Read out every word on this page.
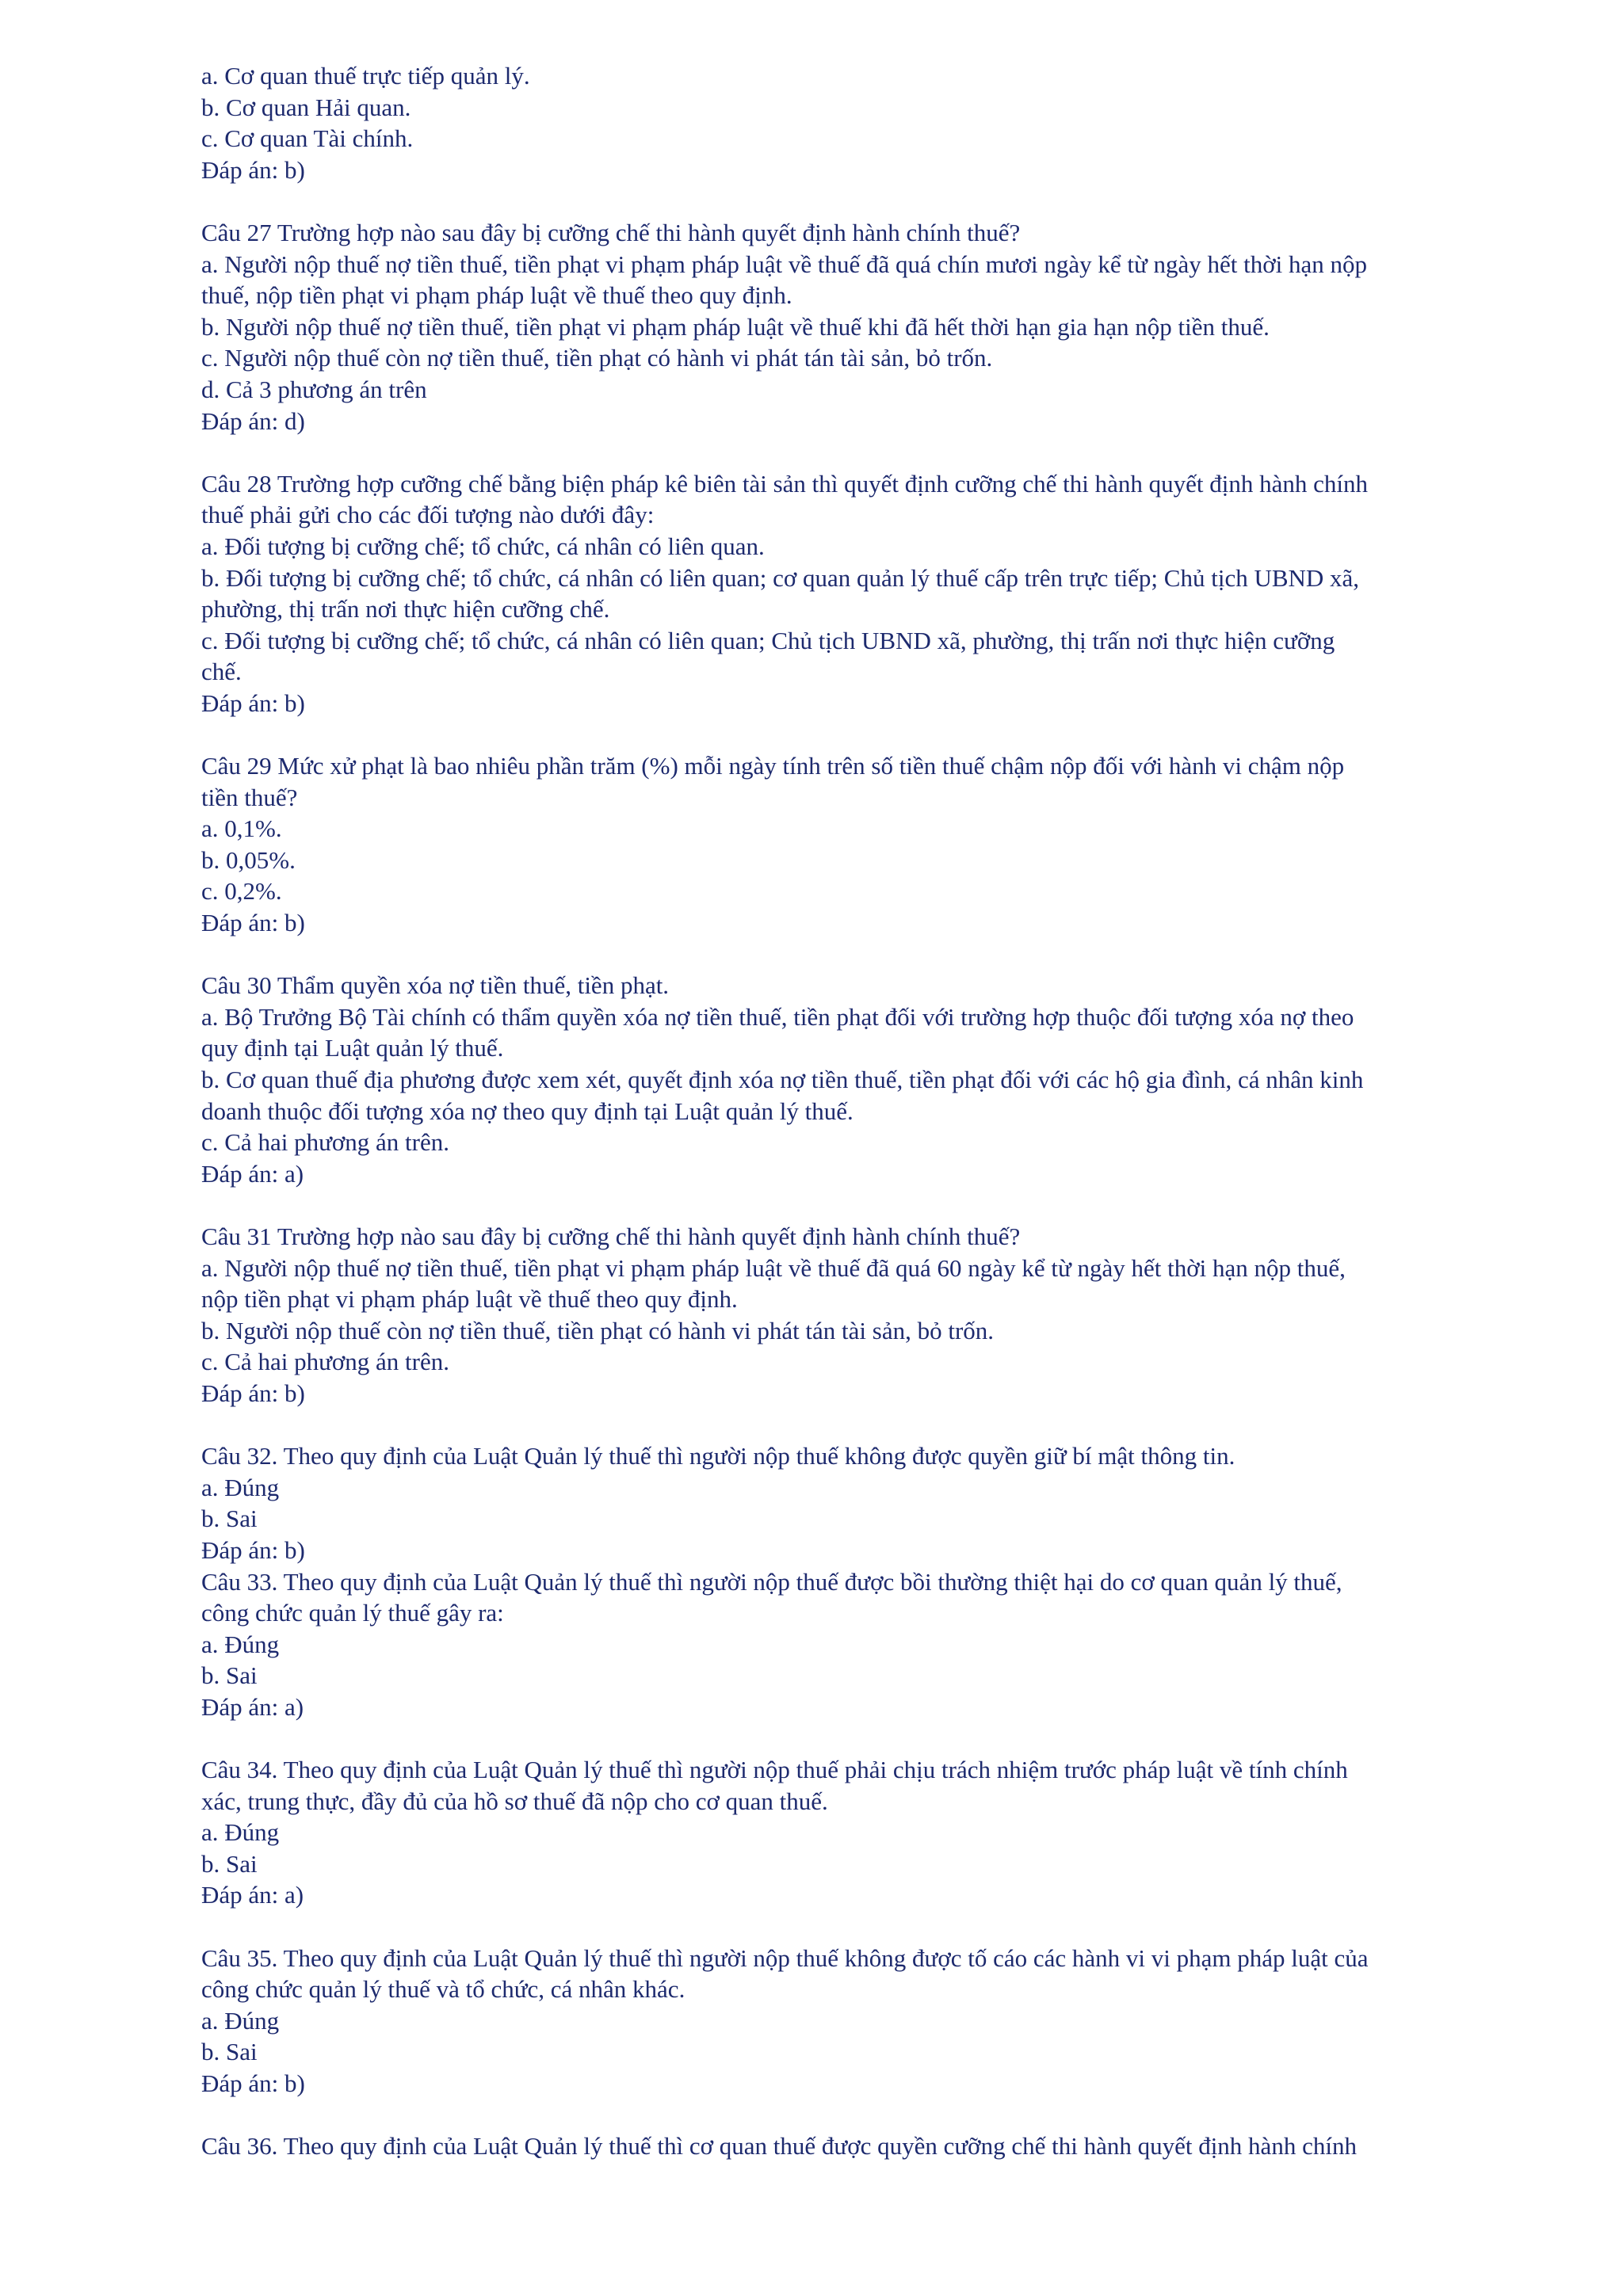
a. Cơ quan thuế trực tiếp quản lý.
b. Cơ quan Hải quan.
c. Cơ quan Tài chính.
Đáp án: b)
Câu 27 Trường hợp nào sau đây bị cưỡng chế thi hành quyết định hành chính thuế?
a. Người nộp thuế nợ tiền thuế, tiền phạt vi phạm pháp luật về thuế đã quá chín mươi ngày kể từ ngày hết thời hạn nộp
thuế, nộp tiền phạt vi phạm pháp luật về thuế theo quy định.
b. Người nộp thuế nợ tiền thuế, tiền phạt vi phạm pháp luật về thuế khi đã hết thời hạn gia hạn nộp tiền thuế.
c. Người nộp thuế còn nợ tiền thuế, tiền phạt có hành vi phát tán tài sản, bỏ trốn.
d. Cả 3 phương án trên
Đáp án: d)
Câu 28 Trường hợp cưỡng chế bằng biện pháp kê biên tài sản thì quyết định cưỡng chế thi hành quyết định hành chính
thuế phải gửi cho các đối tượng nào dưới đây:
a. Đối tượng bị cưỡng chế; tổ chức, cá nhân có liên quan.
b. Đối tượng bị cưỡng chế; tổ chức, cá nhân có liên quan; cơ quan quản lý thuế cấp trên trực tiếp; Chủ tịch UBND xã,
phường, thị trấn nơi thực hiện cưỡng chế.
c. Đối tượng bị cưỡng chế; tổ chức, cá nhân có liên quan; Chủ tịch UBND xã, phường, thị trấn nơi thực hiện cưỡng
chế.
Đáp án: b)
Câu 29 Mức xử phạt là bao nhiêu phần trăm (%) mỗi ngày tính trên số tiền thuế chậm nộp đối với hành vi chậm nộp
tiền thuế?
a. 0,1%.
b. 0,05%.
c. 0,2%.
Đáp án: b)
Câu 30 Thẩm quyền xóa nợ tiền thuế, tiền phạt.
a. Bộ Trưởng Bộ Tài chính có thẩm quyền xóa nợ tiền thuế, tiền phạt đối với trường hợp thuộc đối tượng xóa nợ theo
quy định tại Luật quản lý thuế.
b. Cơ quan thuế địa phương được xem xét, quyết định xóa nợ tiền thuế, tiền phạt đối với các hộ gia đình, cá nhân kinh
doanh thuộc đối tượng xóa nợ theo quy định tại Luật quản lý thuế.
c. Cả hai phương án trên.
Đáp án: a)
Câu 31 Trường hợp nào sau đây bị cưỡng chế thi hành quyết định hành chính thuế?
a. Người nộp thuế nợ tiền thuế, tiền phạt vi phạm pháp luật về thuế đã quá 60 ngày kể từ ngày hết thời hạn nộp thuế,
nộp tiền phạt vi phạm pháp luật về thuế theo quy định.
b. Người nộp thuế còn nợ tiền thuế, tiền phạt có hành vi phát tán tài sản, bỏ trốn.
c. Cả hai phương án trên.
Đáp án: b)
Câu 32. Theo quy định của Luật Quản lý thuế thì người nộp thuế không được quyền giữ bí mật thông tin.
a. Đúng
b. Sai
Đáp án: b)
Câu 33. Theo quy định của Luật Quản lý thuế thì người nộp thuế được bồi thường thiệt hại do cơ quan quản lý thuế,
công chức quản lý thuế gây ra:
a. Đúng
b. Sai
Đáp án: a)
Câu 34. Theo quy định của Luật Quản lý thuế thì người nộp thuế phải chịu trách nhiệm trước pháp luật về tính chính
xác, trung thực, đầy đủ của hồ sơ thuế đã nộp cho cơ quan thuế.
a. Đúng
b. Sai
Đáp án: a)
Câu 35. Theo quy định của Luật Quản lý thuế thì người nộp thuế không được tố cáo các hành vi vi phạm pháp luật của
công chức quản lý thuế và tổ chức, cá nhân khác.
a. Đúng
b. Sai
Đáp án: b)
Câu 36. Theo quy định của Luật Quản lý thuế thì cơ quan thuế được quyền cưỡng chế thi hành quyết định hành chính
